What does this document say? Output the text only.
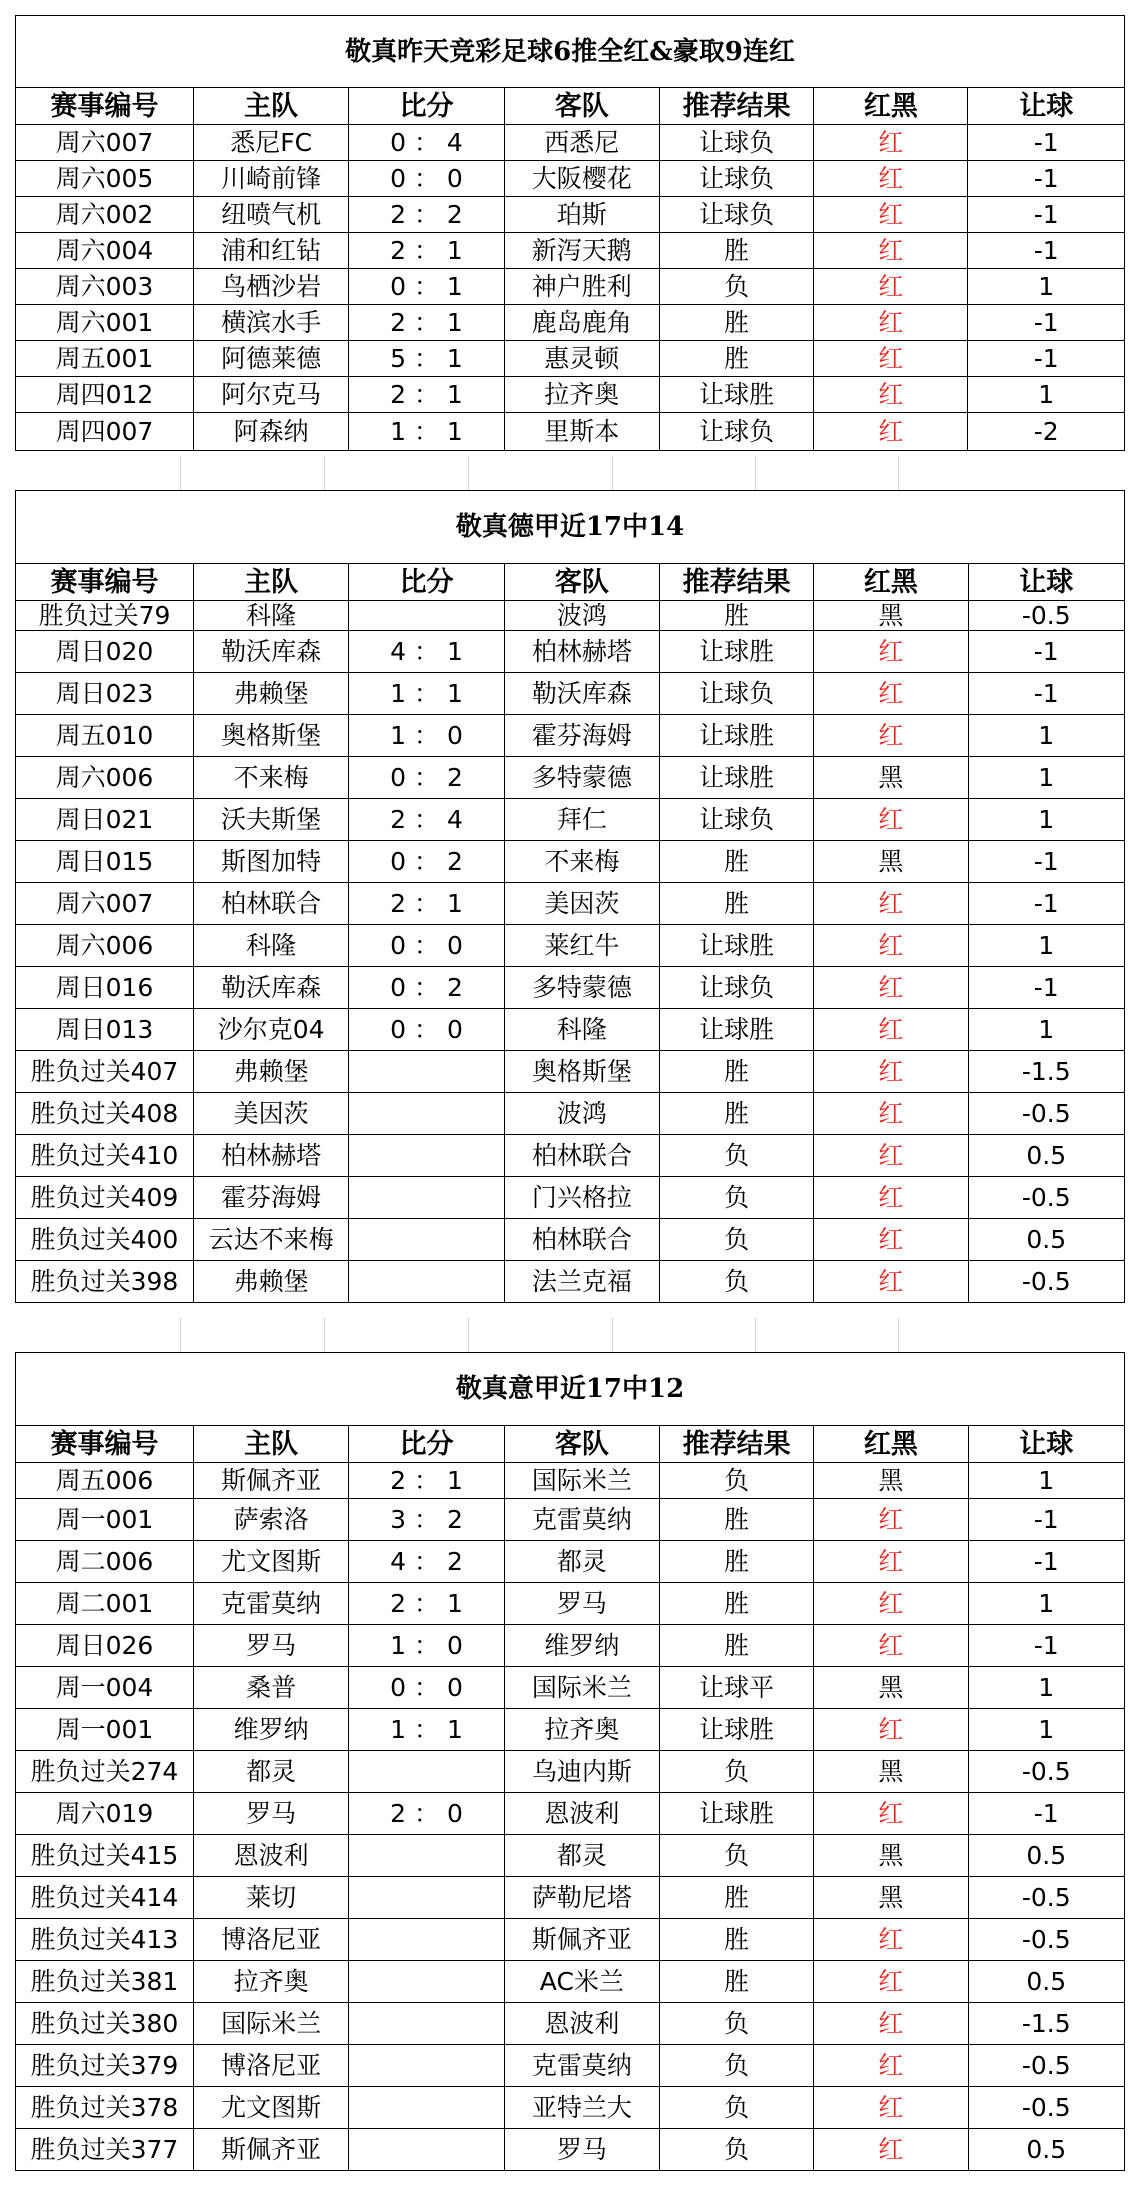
敬真昨天竞彩足球6推全红&豪取9连红						
赛事编号	主队	比分	客队	推荐结果	红黑	让球
周六007	悉尼FC	0 ： 4	西悉尼	让球负	红	-1
周六005	川崎前锋	0 ： 0	大阪樱花	让球负	红	-1
周六002	纽喷气机	2 ： 2	珀斯	让球负	红	-1
周六004	浦和红钻	2 ： 1	新泻天鹅	胜	红	-1
周六003	鸟栖沙岩	0 ： 1	神户胜利	负	红	1
周六001	横滨水手	2 ： 1	鹿岛鹿角	胜	红	-1
周五001	阿德莱德	5 ： 1	惠灵顿	胜	红	-1
周四012	阿尔克马	2 ： 1	拉齐奥	让球胜	红	1
周四007	阿森纳	1 ： 1	里斯本	让球负	红	-2
敬真德甲近17中14						
赛事编号	主队	比分	客队	推荐结果	红黑	让球
胜负过关79	科隆		波鸿	胜	黑	-0.5
周日020	勒沃库森	4 ： 1	柏林赫塔	让球胜	红	-1
周日023	弗赖堡	1 ： 1	勒沃库森	让球负	红	-1
周五010	奥格斯堡	1 ： 0	霍芬海姆	让球胜	红	1
周六006	不来梅	0 ： 2	多特蒙德	让球胜	黑	1
周日021	沃夫斯堡	2 ： 4	拜仁	让球负	红	1
周日015	斯图加特	0 ： 2	不来梅	胜	黑	-1
周六007	柏林联合	2 ： 1	美因茨	胜	红	-1
周六006	科隆	0 ： 0	莱红牛	让球胜	红	1
周日016	勒沃库森	0 ： 2	多特蒙德	让球负	红	-1
周日013	沙尔克04	0 ： 0	科隆	让球胜	红	1
胜负过关407	弗赖堡		奥格斯堡	胜	红	-1.5
胜负过关408	美因茨		波鸿	胜	红	-0.5
胜负过关410	柏林赫塔		柏林联合	负	红	0.5
胜负过关409	霍芬海姆		门兴格拉	负	红	-0.5
胜负过关400	云达不来梅		柏林联合	负	红	0.5
胜负过关398	弗赖堡		法兰克福	负	红	-0.5
敬真意甲近17中12						
赛事编号	主队	比分	客队	推荐结果	红黑	让球
周五006	斯佩齐亚	2 ： 1	国际米兰	负	黑	1
周一001	萨索洛	3 ： 2	克雷莫纳	胜	红	-1
周二006	尤文图斯	4 ： 2	都灵	胜	红	-1
周二001	克雷莫纳	2 ： 1	罗马	胜	红	1
周日026	罗马	1 ： 0	维罗纳	胜	红	-1
周一004	桑普	0 ： 0	国际米兰	让球平	黑	1
周一001	维罗纳	1 ： 1	拉齐奥	让球胜	红	1
胜负过关274	都灵		乌迪内斯	负	黑	-0.5
周六019	罗马	2 ： 0	恩波利	让球胜	红	-1
胜负过关415	恩波利		都灵	负	黑	0.5
胜负过关414	莱切		萨勒尼塔	胜	黑	-0.5
胜负过关413	博洛尼亚		斯佩齐亚	胜	红	-0.5
胜负过关381	拉齐奥		AC米兰	胜	红	0.5
胜负过关380	国际米兰		恩波利	负	红	-1.5
胜负过关379	博洛尼亚		克雷莫纳	负	红	-0.5
胜负过关378	尤文图斯		亚特兰大	负	红	-0.5
胜负过关377	斯佩齐亚		罗马	负	红	0.5
